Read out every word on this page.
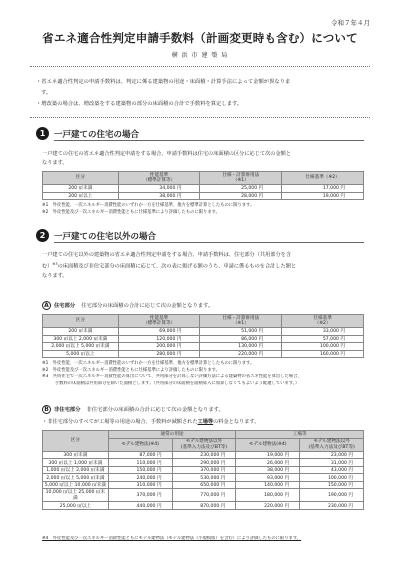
令和７年４月
省エネ適合性判定申請手数料（計画変更時も含む）について
横 浜 市 建 築 局
・省エネ適合性判定の申請手数料は、判定に係る建築物の用途・床面積・計算手法によって金額が異なりま
す。
・増改築の場合は、増改築をする建築物の部分の床面積の合計で手数料を算定します。
1	一戸建ての住宅の場合
一戸建ての住宅の省エネ適合性判定申請をする場合、申請手数料は住宅の床面積の区分に応じて次の金額と
なります。
区分	性能基準
（標準計算等）	仕様・計算併用法
（※1）	仕様基準（※2）
200 ㎡未満	34,000 円	25,000 円	17,000 円
200 ㎡以上	38,000 円	28,000 円	19,000 円
※1　外皮性能、一次エネルギー消費性能のいずれか一方を仕様基準、他方を標準計算としたものに限ります。
※2　外皮性能及び一次エネルギー消費性能ともに仕様基準により評価したものに限ります。
2	一戸建ての住宅以外の場合
一戸建ての住宅以外の建築物の省エネ適合性判定申請をする場合、申請手数料は、住宅部分（共用部分を含
む）$^{※3}$の床面積及び非住宅部分の床面積に応じて、次の表に掲げる額のうち、申請に係るものを合計した額と
なります。
A 住宅部分 住宅部分の床面積の合計に応じて次の金額となります。
区分	性能基準
（標準計算等）	仕様・計算併用法
（※1）	仕様基準
（※2）
200 ㎡未満	69,000 円	51,000 円	33,000 円
300 ㎡以上 2,000 ㎡未満	120,000 円	86,000 円	57,000 円
2,000 ㎡以上 5,000 ㎡未満	200,000 円	130,000 円	100,000 円
5,000 ㎡以上	280,000 円	220,000 円	160,000 円
※1　外皮性能、一次エネルギー消費性能のいずれか一方を仕様基準、他方を標準計算としたものに限ります。
※2　外皮性能及び一次エネルギー消費性能ともに仕様基準により評価したものに限ります。
※3　共同住宅で一次エネルギー消費性能の算出について、共用部分を計算しない評価方法による建築物の省エネ性能を算出した場合、
　　　手数料の床面積は共用部分を除いた面積とします。（共用部分の床面積を面積算入に加算しなくてもよいよう配慮しています。）
B 非住宅部分 非住宅部分の床面積の合計に応じて次の金額となります。
・非住宅部分のすべてが工場等の用途の場合、手数料が減額された工場等の料金となります。
区分	通常の用途		工場等	
	モデル建物法(※4)	モデル建物法以外
(基準入力法及びBT等)	モデル建物法(※4)	モデル建物法以外
(基準入力法及びBT等)
300 ㎡未満	87,000 円	230,000 円	19,000 円	23,000 円
300 ㎡以上 1,000 ㎡未満	110,000 円	290,000 円	26,000 円	31,000 円
1,000 ㎡以上 2,000 ㎡未満	150,000 円	370,000 円	38,000 円	43,000 円
2,000 ㎡以上 5,000 ㎡未満	240,000 円	530,000 円	93,000 円	100,000 円
5,000 ㎡以上 10,000 ㎡未満	310,000 円	650,000 円	140,000 円	150,000 円
10,000 ㎡以上 25,000 ㎡未満	370,000 円	770,000 円	180,000 円	190,000 円
25,000 ㎡以上	440,000 円	870,000 円	220,000 円	230,000 円
※4　外皮性能及び一次エネルギー消費性能ともにモデル建物法（モデル建物法（小規模版）を含む）により評価したものに限ります。
